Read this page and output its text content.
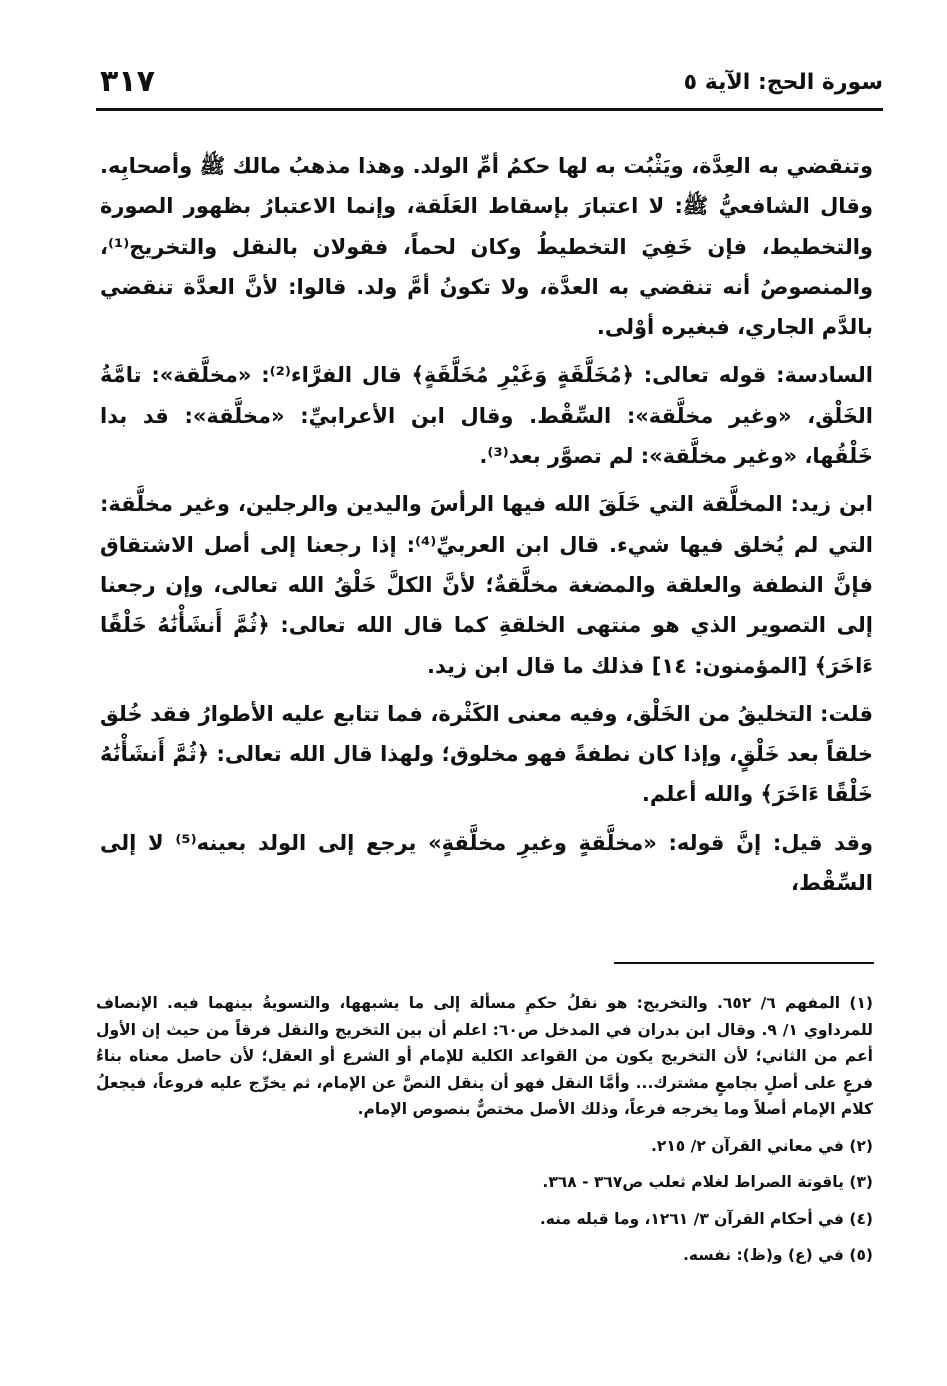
سورة الحج: الآية ٥
٣١٧

وتنقضي به العِدَّة، ويَثْبُت به لها حكمُ أمِّ الولد. وهذا مذهبُ مالك ﷺ وأصحابِه. وقال الشافعيُّ ﷺ: لا اعتبارَ بإسقاط العَلَقة، وإنما الاعتبارُ بظهور الصورة والتخطيط، فإن خَفِيَ التخطيطُ وكان لحماً، فقولان بالنقل والتخريج⁽¹⁾، والمنصوصُ أنه تنقضي به العدَّة، ولا تكونُ أمَّ ولد. قالوا: لأنَّ العدَّة تنقضي بالدَّم الجاري، فبغيره أوْلى.

السادسة: قوله تعالى: ﴿مُخَلَّقَةٍ وَغَيْرِ مُخَلَّقَةٍ﴾ قال الفرَّاء⁽²⁾: «مخلَّقة»: تامَّةُ الخَلْق، «وغير مخلَّقة»: السِّقْط. وقال ابن الأعرابيِّ: «مخلَّقة»: قد بدا خَلْقُها، «وغير مخلَّقة»: لم تصوَّر بعد⁽³⁾.

ابن زيد: المخلَّقة التي خَلَقَ الله فيها الرأسَ واليدين والرجلين، وغير مخلَّقة: التي لم يُخلق فيها شيء. قال ابن العربيِّ⁽⁴⁾: إذا رجعنا إلى أصل الاشتقاق فإنَّ النطفة والعلقة والمضغة مخلَّقةٌ؛ لأنَّ الكلَّ خَلْقُ الله تعالى، وإن رجعنا إلى التصوير الذي هو منتهى الخلقةِ كما قال الله تعالى: ﴿ثُمَّ أَنشَأْنَٰهُ خَلْقًا ءَاخَرَ﴾ [المؤمنون: ١٤] فذلك ما قال ابن زيد.

قلت: التخليقُ من الخَلْق، وفيه معنى الكَثْرة، فما تتابع عليه الأطوارُ فقد خُلق خلقاً بعد خَلْقٍ، وإذا كان نطفةً فهو مخلوق؛ ولهذا قال الله تعالى: ﴿ثُمَّ أَنشَأْنَٰهُ خَلْقًا ءَاخَرَ﴾ والله أعلم.

وقد قيل: إنَّ قوله: «مخلَّقةٍ وغيرِ مخلَّقةٍ» يرجع إلى الولد بعينه⁽⁵⁾ لا إلى السِّقْط،

(١) المفهم ٦/ ٦٥٢. والتخريج: هو نقلُ حكمِ مسألة إلى ما يشبهها، والتسويةُ بينهما فيه. الإنصاف للمرداوي ١/ ٩. وقال ابن بدران في المدخل ص٦٠: اعلم أن بين التخريج والنقل فرقاً من حيث إن الأول أعم من الثاني؛ لأن التخريج يكون من القواعد الكلية للإمام أو الشرع أو العقل؛ لأن حاصل معناه بناءُ فرعٍ على أصلٍ بجامعٍ مشترك... وأمَّا النقل فهو أن ينقل النصَّ عن الإمام، ثم يخرِّج عليه فروعاً، فيجعلُ كلام الإمام أصلاً وما يخرجه فرعاً، وذلك الأصل مختصٌّ بنصوص الإمام.

(٢) في معاني القرآن ٢/ ٢١٥.

(٣) ياقوتة الصراط لغلام ثعلب ص٣٦٧ - ٣٦٨.

(٤) في أحكام القرآن ٣/ ١٢٦١، وما قبله منه.

(٥) في (ع) و(ظ): نفسه.
